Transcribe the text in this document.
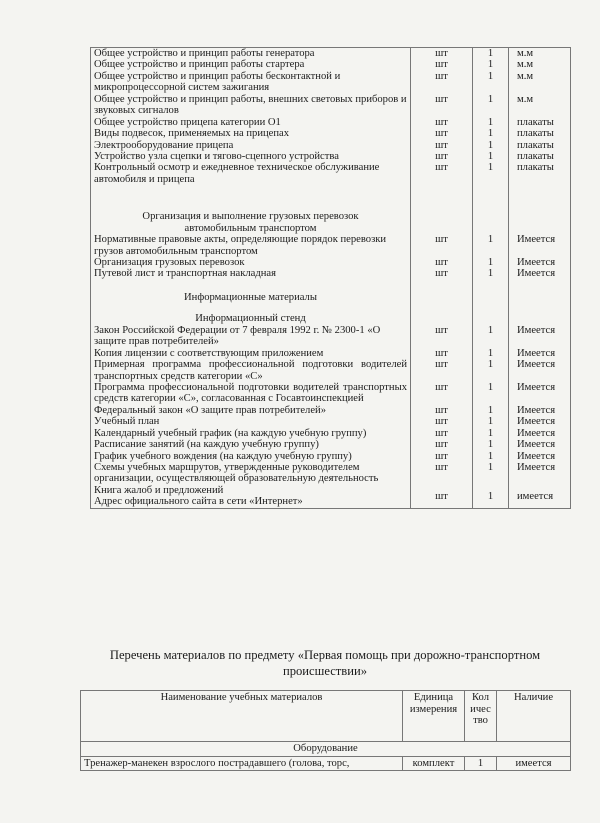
Общее устройство и принцип работы генератора	шт	1	м.м
Общее устройство и принцип работы стартера	шт	1	м.м
Общее устройство и принцип работы бесконтактной и микропроцессорной систем зажигания	шт	1	м.м
Общее устройство и принцип работы, внешних световых приборов и звуковых сигналов	шт	1	м.м
Общее устройство прицепа категории О1	шт	1	плакаты
Виды подвесок, применяемых на прицепах	шт	1	плакаты
Электрооборудование прицепа	шт	1	плакаты
Устройство узла сцепки и тягово-сцепного устройства	шт	1	плакаты
Контрольный осмотр и ежедневное техническое обслуживание автомобиля и прицепа	шт	1	плакаты

Организация и выполнение грузовых перевозок автомобильным транспортом			
Нормативные правовые акты, определяющие порядок перевозки грузов автомобильным транспортом	шт	1	Имеется
Организация грузовых перевозок	шт	1	Имеется
Путевой лист и транспортная накладная	шт	1	Имеется

Информационные материалы			

Информационный стенд			
Закон Российской Федерации от 7 февраля 1992 г. № 2300-1 «О защите прав потребителей»	шт	1	Имеется
Копия лицензии с соответствующим приложением	шт	1	Имеется
Примерная программа профессиональной подготовки водителей транспортных средств категории «С»	шт	1	Имеется
Программа профессиональной подготовки водителей транспортных средств категории «С», согласованная с Госавтоинспекцией	шт	1	Имеется
Федеральный закон «О защите прав потребителей»	шт	1	Имеется
Учебный план	шт	1	Имеется
Календарный учебный график (на каждую учебную группу)	шт	1	Имеется
Расписание занятий (на каждую учебную группу)	шт	1	Имеется
График учебного вождения (на каждую учебную группу)	шт	1	Имеется
Схемы учебных маршрутов, утвержденные руководителем организации, осуществляющей образовательную деятельность	шт	1	Имеется

Книга жалоб и предложений
Адрес официального сайта в сети «Интернет»	шт	1	имеется
Перечень материалов по предмету «Первая помощь при дорожно-транспортном происшествии»
Наименование учебных материалов	Единица измерения	Кол ичес тво	Наличие
Оборудование			
Тренажер-манекен взрослого пострадавшего (голова, торс,	комплект	1	имеется
